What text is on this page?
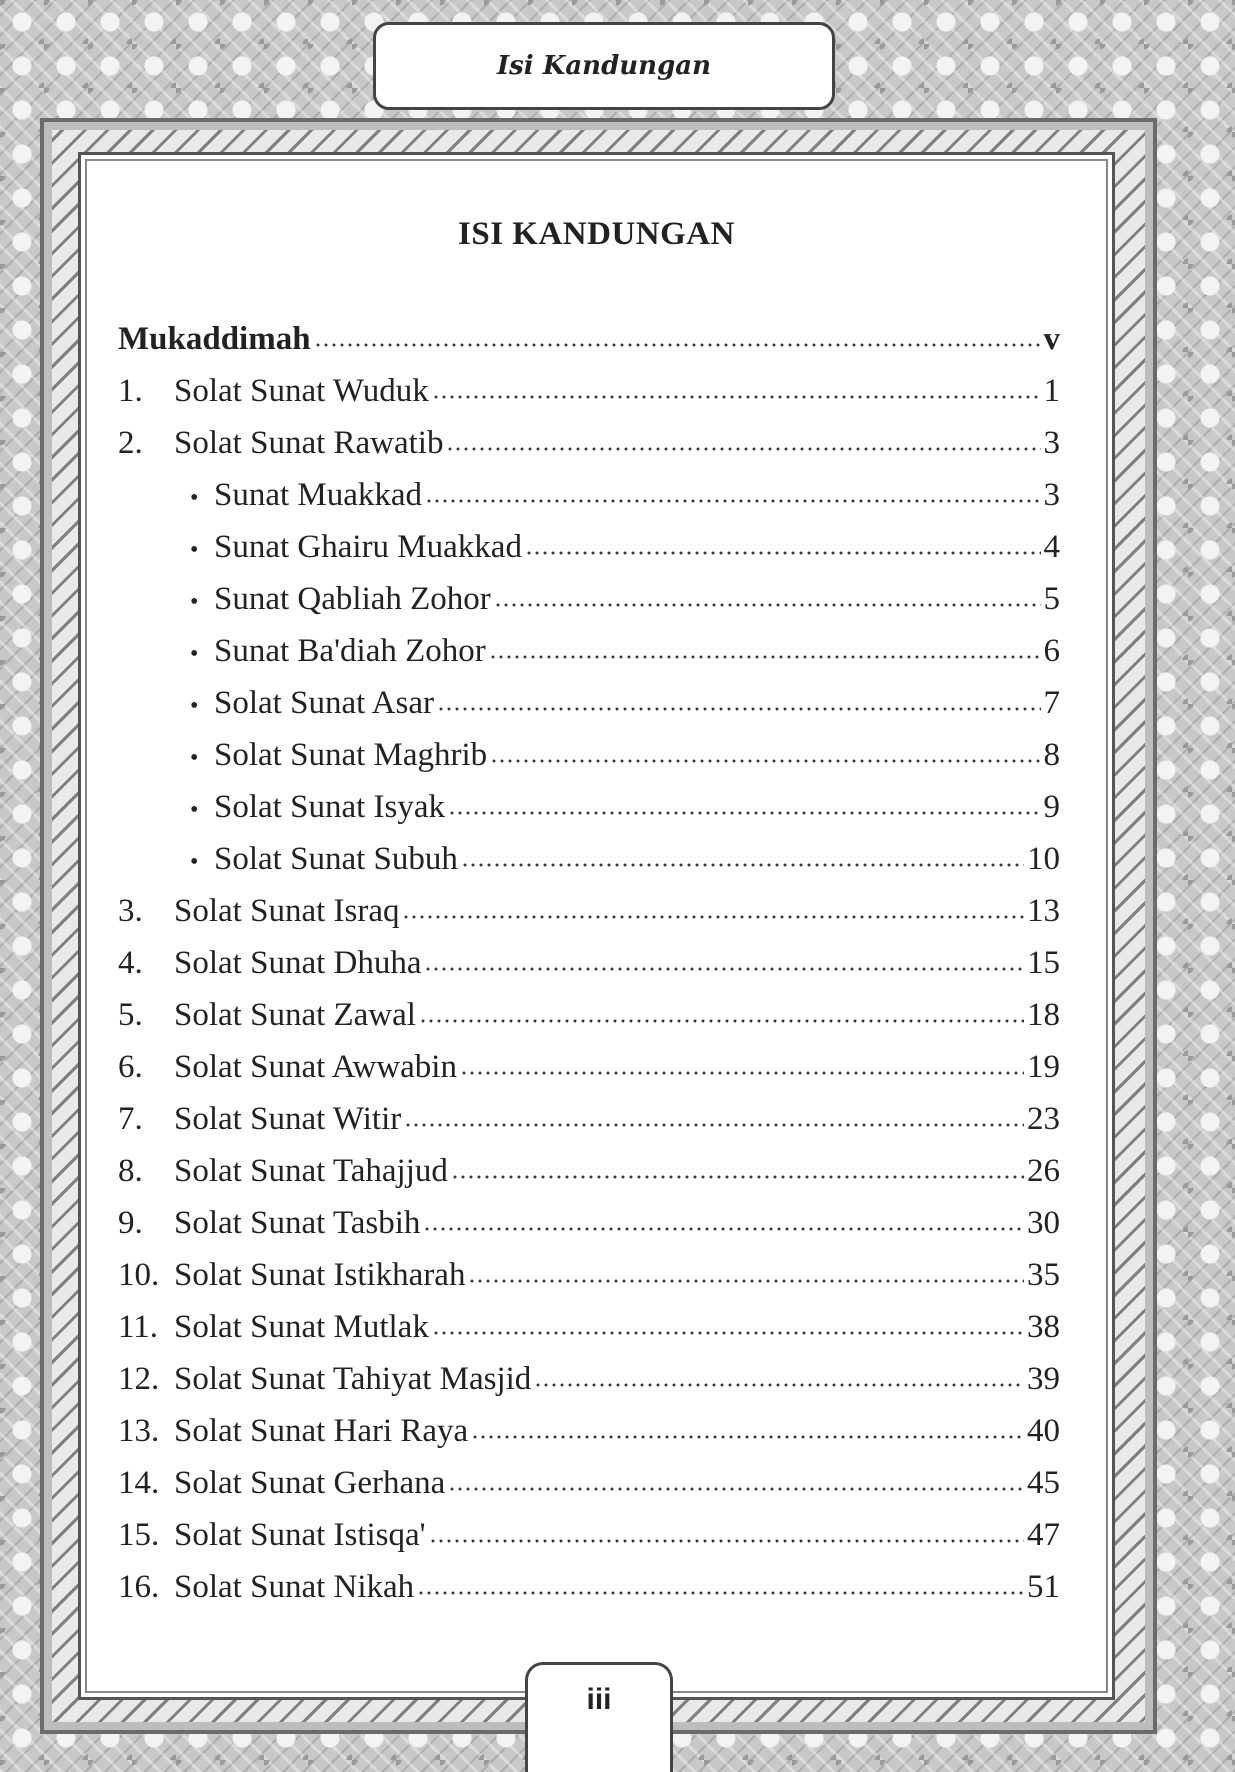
Isi Kandungan
ISI KANDUNGAN
Mukaddimah	v
1. Solat Sunat Wuduk	1
2. Solat Sunat Rawatib	3
• Sunat Muakkad	3
• Sunat Ghairu Muakkad	4
• Sunat Qabliah Zohor	5
• Sunat Ba'diah Zohor	6
• Solat Sunat Asar	7
• Solat Sunat Maghrib	8
• Solat Sunat Isyak	9
• Solat Sunat Subuh	10
3. Solat Sunat Israq	13
4. Solat Sunat Dhuha	15
5. Solat Sunat Zawal	18
6. Solat Sunat Awwabin	19
7. Solat Sunat Witir	23
8. Solat Sunat Tahajjud	26
9. Solat Sunat Tasbih	30
10. Solat Sunat Istikharah	35
11. Solat Sunat Mutlak	38
12. Solat Sunat Tahiyat Masjid	39
13. Solat Sunat Hari Raya	40
14. Solat Sunat Gerhana	45
15. Solat Sunat Istisqa'	47
16. Solat Sunat Nikah	51
iii
